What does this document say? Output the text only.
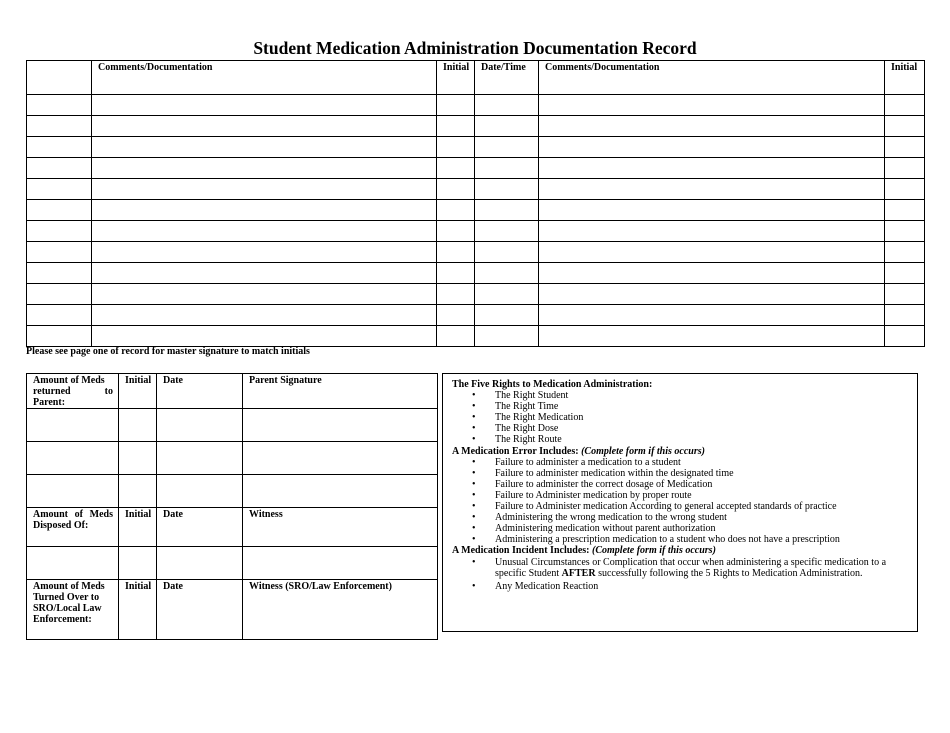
Student Medication Administration Documentation Record
	Comments/Documentation	Initial	Date/Time	Comments/Documentation	Initial

Please see page one of record for master signature to match initials
Amount of Meds
returned to
Parent:	Initial	Date	Parent Signature

Amount of Meds
Disposed Of:	Initial	Date	Witness

Amount of Meds Turned Over to SRO/Local Law Enforcement:	Initial	Date	Witness (SRO/Law Enforcement)
The Five Rights to Medication Administration:
• The Right Student
• The Right Time
• The Right Medication
• The Right Dose
• The Right Route
A Medication Error Includes: (Complete form if this occurs)
• Failure to administer a medication to a student
• Failure to administer medication within the designated time
• Failure to administer the correct dosage of Medication
• Failure to Administer medication by proper route
• Failure to Administer medication According to general accepted standards of practice
• Administering the wrong medication to the wrong student
• Administering medication without parent authorization
• Administering a prescription medication to a student who does not have a prescription
A Medication Incident Includes: (Complete form if this occurs)
• Unusual Circumstances or Complication that occur when administering a specific medication to a specific Student AFTER successfully following the 5 Rights to Medication Administration.
• Any Medication Reaction
